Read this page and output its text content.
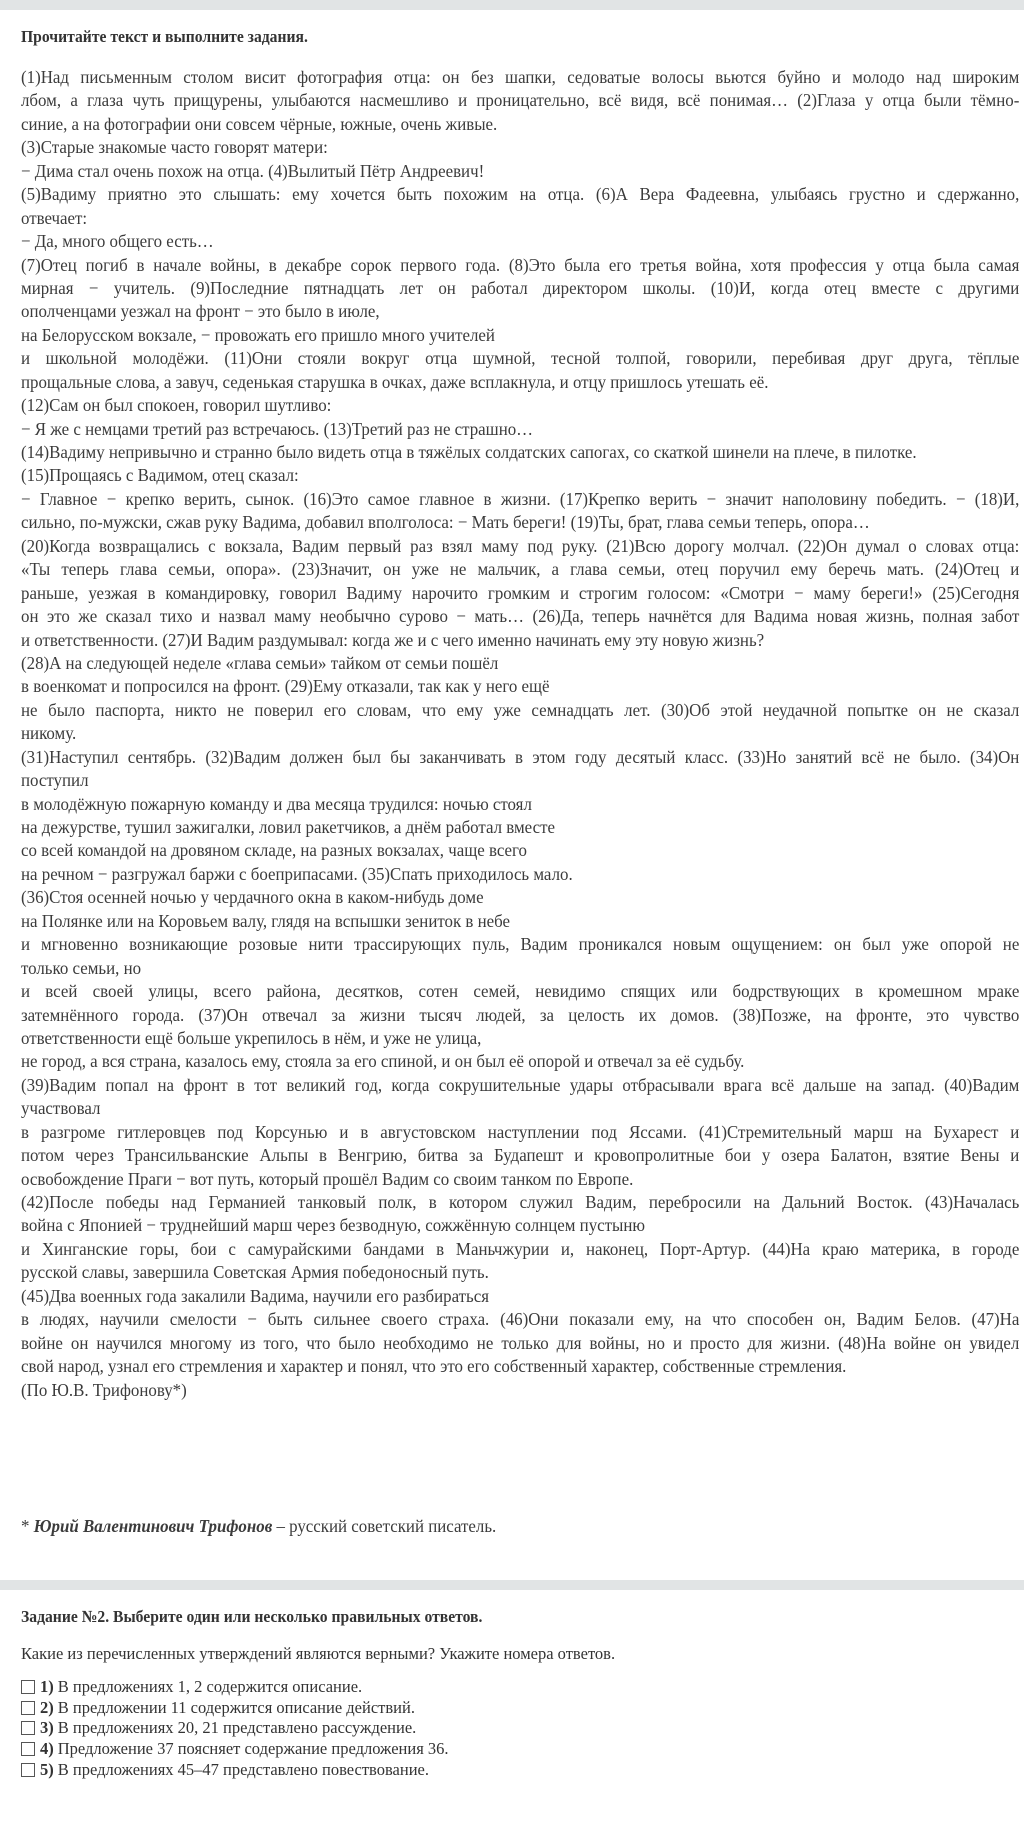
Прочитайте текст и выполните задания.
(1)Над письменным столом висит фотография отца: он без шапки, седоватые волосы вьются буйно и молодо над широким
лбом, а глаза чуть прищурены, улыбаются насмешливо и проницательно, всё видя, всё понимая… (2)Глаза у отца были тёмно-
синие, а на фотографии они совсем чёрные, южные, очень живые.
(3)Старые знакомые часто говорят матери:
− Дима стал очень похож на отца. (4)Вылитый Пётр Андреевич!
(5)Вадиму приятно это слышать: ему хочется быть похожим на отца. (6)А Вера Фадеевна, улыбаясь грустно и сдержанно,
отвечает:
− Да, много общего есть…
(7)Отец погиб в начале войны, в декабре сорок первого года. (8)Это была его третья война, хотя профессия у отца была самая
мирная − учитель. (9)Последние пятнадцать лет он работал директором школы. (10)И, когда отец вместе с другими
ополченцами уезжал на фронт − это было в июле,
на Белорусском вокзале, − провожать его пришло много учителей
и школьной молодёжи. (11)Они стояли вокруг отца шумной, тесной толпой, говорили, перебивая друг друга, тёплые
прощальные слова, а завуч, седенькая старушка в очках, даже всплакнула, и отцу пришлось утешать её.
(12)Сам он был спокоен, говорил шутливо:
− Я же с немцами третий раз встречаюсь. (13)Третий раз не страшно…
(14)Вадиму непривычно и странно было видеть отца в тяжёлых солдатских сапогах, со скаткой шинели на плече, в пилотке.
(15)Прощаясь с Вадимом, отец сказал:
− Главное − крепко верить, сынок. (16)Это самое главное в жизни. (17)Крепко верить − значит наполовину победить. − (18)И,
сильно, по-мужски, сжав руку Вадима, добавил вполголоса: − Мать береги! (19)Ты, брат, глава семьи теперь, опора…
(20)Когда возвращались с вокзала, Вадим первый раз взял маму под руку. (21)Всю дорогу молчал. (22)Он думал о словах отца:
«Ты теперь глава семьи, опора». (23)Значит, он уже не мальчик, а глава семьи, отец поручил ему беречь мать. (24)Отец и
раньше, уезжая в командировку, говорил Вадиму нарочито громким и строгим голосом: «Смотри − маму береги!» (25)Сегодня
он это же сказал тихо и назвал маму необычно сурово − мать… (26)Да, теперь начнётся для Вадима новая жизнь, полная забот
и ответственности. (27)И Вадим раздумывал: когда же и с чего именно начинать ему эту новую жизнь?
(28)А на следующей неделе «глава семьи» тайком от семьи пошёл
в военкомат и попросился на фронт. (29)Ему отказали, так как у него ещё
не было паспорта, никто не поверил его словам, что ему уже семнадцать лет. (30)Об этой неудачной попытке он не сказал
никому.
(31)Наступил сентябрь. (32)Вадим должен был бы заканчивать в этом году десятый класс. (33)Но занятий всё не было. (34)Он
поступил
в молодёжную пожарную команду и два месяца трудился: ночью стоял
на дежурстве, тушил зажигалки, ловил ракетчиков, а днём работал вместе
со всей командой на дровяном складе, на разных вокзалах, чаще всего
на речном − разгружал баржи с боеприпасами. (35)Спать приходилось мало.
(36)Стоя осенней ночью у чердачного окна в каком-нибудь доме
на Полянке или на Коровьем валу, глядя на вспышки зениток в небе
и мгновенно возникающие розовые нити трассирующих пуль, Вадим проникался новым ощущением: он был уже опорой не
только семьи, но
и всей своей улицы, всего района, десятков, сотен семей, невидимо спящих или бодрствующих в кромешном мраке
затемнённого города. (37)Он отвечал за жизни тысяч людей, за целость их домов. (38)Позже, на фронте, это чувство
ответственности ещё больше укрепилось в нём, и уже не улица,
не город, а вся страна, казалось ему, стояла за его спиной, и он был её опорой и отвечал за её судьбу.
(39)Вадим попал на фронт в тот великий год, когда сокрушительные удары отбрасывали врага всё дальше на запад. (40)Вадим
участвовал
в разгроме гитлеровцев под Корсунью и в августовском наступлении под Яссами. (41)Стремительный марш на Бухарест и
потом через Трансильванские Альпы в Венгрию, битва за Будапешт и кровопролитные бои у озера Балатон, взятие Вены и
освобождение Праги − вот путь, который прошёл Вадим со своим танком по Европе.
(42)После победы над Германией танковый полк, в котором служил Вадим, перебросили на Дальний Восток. (43)Началась
война с Японией − труднейший марш через безводную, сожжённую солнцем пустыню
и Хинганские горы, бои с самурайскими бандами в Маньчжурии и, наконец, Порт-Артур. (44)На краю материка, в городе
русской славы, завершила Советская Армия победоносный путь.
(45)Два военных года закалили Вадима, научили его разбираться
в людях, научили смелости − быть сильнее своего страха. (46)Они показали ему, на что способен он, Вадим Белов. (47)На
войне он научился многому из того, что было необходимо не только для войны, но и просто для жизни. (48)На войне он увидел
свой народ, узнал его стремления и характер и понял, что это его собственный характер, собственные стремления.
(По Ю.В. Трифонову*)
* Юрий Валентинович Трифонов – русский советский писатель.
Задание №2. Выберите один или несколько правильных ответов.
Какие из перечисленных утверждений являются верными? Укажите номера ответов.
1) В предложениях 1, 2 содержится описание.
2) В предложении 11 содержится описание действий.
3) В предложениях 20, 21 представлено рассуждение.
4) Предложение 37 поясняет содержание предложения 36.
5) В предложениях 45–47 представлено повествование.
